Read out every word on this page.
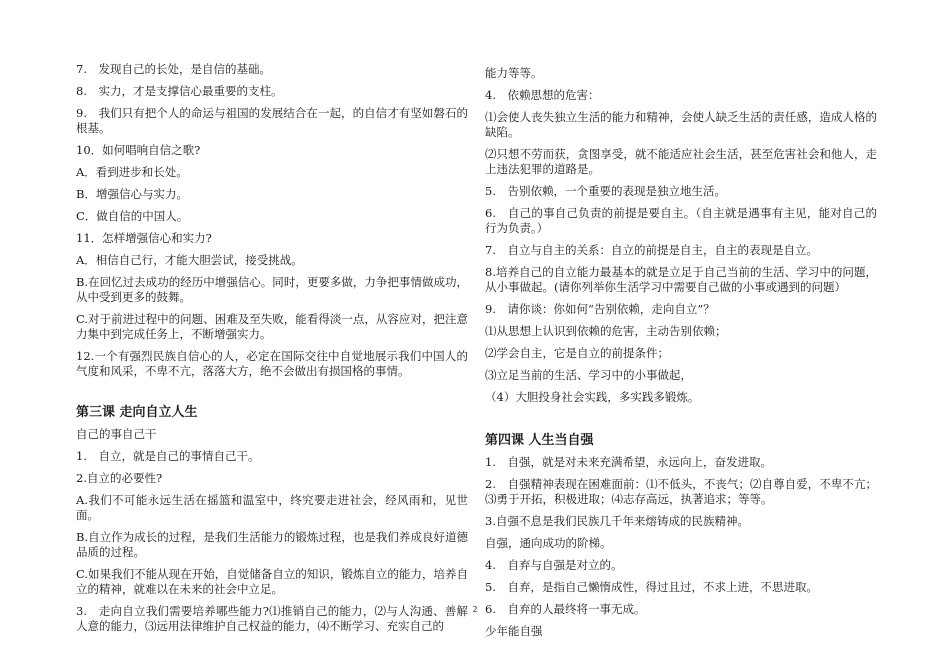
7.　发现自己的长处，是自信的基础。

8.　实力，才是支撑信心最重要的支柱。

9.　我们只有把个人的命运与祖国的发展结合在一起，的自信才有坚如磐石的根基。

10．如何唱响自信之歌?

A．看到进步和长处。

B．增强信心与实力。

C．做自信的中国人。

11．怎样增强信心和实力?

A．相信自己行，才能大胆尝试，接受挑战。

B.在回忆过去成功的经历中增强信心。同时，更要多做，力争把事情做成功，从中受到更多的鼓舞。

C.对于前进过程中的问题、困难及至失败，能看得淡一点，从容应对，把注意力集中到完成任务上，不断增强实力。

12.一个有强烈民族自信心的人，必定在国际交往中自觉地展示我们中国人的气度和风采，不卑不亢，落落大方，绝不会做出有损国格的事情。

第三课 走向自立人生

自己的事自己干

1.　自立，就是自己的事情自己干。

2.自立的必要性?

A.我们不可能永远生活在摇篮和温室中，终究要走进社会，经风雨和，见世面。

B.自立作为成长的过程，是我们生活能力的锻炼过程，也是我们养成良好道德品质的过程。

C.如果我们不能从现在开始，自觉储备自立的知识，锻炼自立的能力，培养自立的精神，就难以在未来的社会中立足。

3.　走向自立我们需要培养哪些能力?⑴推销自己的能力，⑵与人沟通、善解人意的能力，⑶远用法律维护自己权益的能力，⑷不断学习、充实自己的

能力等等。

4.　依赖思想的危害：

⑴会使人丧失独立生活的能力和精神，会使人缺乏生活的责任感，造成人格的缺陷。

⑵只想不劳而获，贪图享受，就不能适应社会生活，甚至危害社会和他人，走上违法犯罪的道路是。

5.　告别依赖，一个重要的表现是独立地生活。

6.　自己的事自己负责的前提是要自主。（自主就是遇事有主见，能对自己的行为负责。）

7.　自立与自主的关系：自立的前提是自主，自主的表现是自立。

8.培养自己的自立能力最基本的就是立足于自己当前的生活、学习中的问题，从小事做起。(请你列举你生活学习中需要自己做的小事或遇到的问题）

9.　请你谈：你如何“告别依赖，走向自立”？

⑴从思想上认识到依赖的危害，主动告别依赖；

⑵学会自主，它是自立的前提条件；

⑶立足当前的生活、学习中的小事做起，

（4）大胆投身社会实践，多实践多锻炼。

第四课 人生当自强

1.　自强，就是对未来充满希望，永远向上，奋发进取。

2.　自强精神表现在困难面前：⑴不低头，不丧气；⑵自尊自爱，不卑不亢；⑶勇于开拓，积极进取；⑷志存高远，执著追求；等等。

3.自强不息是我们民族几千年来熔铸成的民族精神。

自强，通向成功的阶梯。

4.　自弃与自强是对立的。

5.　自弃，是指自己懒惰成性，得过且过，不求上进，不思进取。

6.　自弃的人最终将一事无成。

少年能自强

2
